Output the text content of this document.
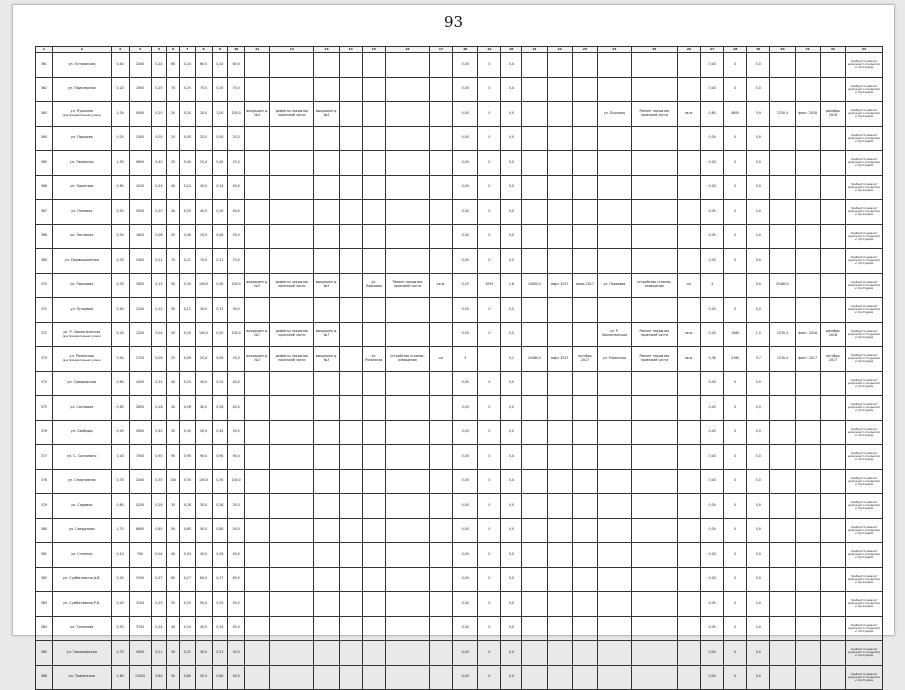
93
1	2	3	4	5	6	7	8	9	10	11	12	13	14	15	16	17	18	19	20	21	22	23	24	25	26	27	28	29	30	31	32	33
361	ул. Островская	0,40	2400	0,24	60	0,24	60,0	0,24	60,0								0,00	0	0,0							0,00	0	0,0				требуется ремонт дорожного покрытия и тротуаров
362	ул. Приозерная	0,20	1900	0,25	70	0,25	70,0	0,25	70,0								0,00	0	0,0							0,00	0	0,0				требуется ремонт дорожного покрытия и тротуаров
363	ул. Пушкина
(внутриквартальная улица)	1,00	4000	0,20	20	0,20	20,0	1,00	100,0	выкрашен д.№4	дефекты покрытия проезжей части	выкрашен д.№4					0,00	0	0,0				ул. Пушкина	Ремонт покрытия проезжей части	кв.м.	0,80	4800	3,9	1230,4	факт. 2018	декабрь 2018	требуется ремонт дорожного покрытия и тротуаров
364	ул. Пырьева	0,20	2400	0,05	25	0,05	25,0	0,05	25,0								0,00	0	0,0							0,00	0	0,0				требуется ремонт дорожного покрытия и тротуаров
365	ул. Пермская	1,50	9600	0,40	25	0,40	25,0	0,40	25,0								0,00	0	0,0							0,00	0	0,0				требуется ремонт дорожного покрытия и тротуаров
366	ул. Пирогова	0,60	4200	0,24	40	0,24	40,0	0,24	40,0								0,00	0	0,0							0,00	0	0,0				требуется ремонт дорожного покрытия и тротуаров
367	ул. Полевая	0,50	3000	0,20	40	0,20	40,0	0,20	40,0								0,00	0	0,0							0,00	0	0,0				требуется ремонт дорожного покрытия и тротуаров
368	ул. Песчаная	0,30	1800	0,06	20	0,06	20,0	0,06	20,0								0,00	0	0,0							0,00	0	0,0				требуется ремонт дорожного покрытия и тротуаров
369	ул. Промышленная	0,30	2400	0,21	70	0,21	70,0	0,21	70,0								0,00	0	0,0							0,00	0	0,0				требуется ремонт дорожного покрытия и тротуаров
370	ул. Парковая	0,30	2850	0,15	50	0,30	100,0	0,30	100,0	выкрашен д.№3	дефекты покрытия проезжей части	выкрашен д.№3		ул. Парковая	Ремонт покрытия проезжей части	кв.м.	0,25	1093	1,6	10000,0	март 2017	июнь 2017	ул. Парковая	устройство стоянок, освещения	шт	3		0,0	25480,0			требуется ремонт дорожного покрытия и тротуаров
371	ул. Ручьевая	0,40	2100	0,12	30	0,12	30,0	0,12	30,0								0,00	0	0,0							0,00	0	0,0				требуется ремонт дорожного покрытия и тротуаров
372	ул. Р. Зоологическая
(внутриквартальная улица)	0,20	1200	0,04	20	0,20	100,0	0,20	100,0	выкрашен д.№7	дефекты покрытия проезжей части	выкрашен д.№7					0,00	0	0,0				ул. Р. Зоологическая	Ремонт покрытия проезжей части	кв.м.	0,20	1080	1,5	1230,4	факт. 2018	декабрь 2018	требуется ремонт дорожного покрытия и тротуаров
373	ул. Рязанская
(внутриквартальная улица)	0,40	2720	0,09	25	0,09	25,0	0,09	25,0	выкрашен д.№3	дефекты покрытия проезжей части	выкрашен д.№3		ул. Рязанская	устройство стоянок, освещения	шт	3		0,1	20480,0	март 2017	октябрь 2017	ул. Рязанская	Ремонт покрытия проезжей части	кв.м.	0,36	2160	3,7	1230,4	факт. 2017	октябрь 2017	требуется ремонт дорожного покрытия и тротуаров
374	ул. Суворовская	0,60	4300	0,24	40	0,24	40,0	0,24	40,0								0,00	0	0,0							0,00	0	0,0				требуется ремонт дорожного покрытия и тротуаров
375	ул. Сосновая	0,65	2850	0,26	40	0,26	40,0	0,26	40,0								0,00	0	0,0							0,00	0	0,0				требуется ремонт дорожного покрытия и тротуаров
376	ул. Свободы	0,90	4900	0,45	50	0,45	50,0	0,45	50,0								0,00	0	0,0							0,00	0	0,0				требуется ремонт дорожного покрытия и тротуаров
377	ул. С. Соснового	1,00	7000	0,90	90	0,90	90,0	0,90	90,0								0,00	0	0,0							0,00	0	0,0				требуется ремонт дорожного покрытия и тротуаров
378	ул. Спортивная	0,35	2400	0,35	100	0,35	100,0	0,35	100,0								0,00	0	0,0							0,00	0	0,0				требуется ремонт дорожного покрытия и тротуаров
379	ул. Садовая	0,80	4200	0,28	35	0,28	35,0	0,28	35,0								0,00	0	0,0							0,00	0	0,0				требуется ремонт дорожного покрытия и тротуаров
380	ул. Свердлова	1,70	8600	0,85	50	0,85	50,0	0,85	50,0								0,00	0	0,0							0,00	0	0,0				требуется ремонт дорожного покрытия и тротуаров
381	ул. Степная	0,10	700	0,04	40	0,04	40,0	0,04	40,0								0,00	0	0,0							0,00	0	0,0				требуется ремонт дорожного покрытия и тротуаров
382	ул. Сумбатовича А.В.	0,45	3100	0,27	60	0,27	60,0	0,27	60,0								0,00	0	0,0							0,00	0	0,0				требуется ремонт дорожного покрытия и тротуаров
383	ул. Сумбатовича Р.Б.	0,45	3100	0,25	55	0,25	55,0	0,25	55,0								0,00	0	0,0							0,00	0	0,0				требуется ремонт дорожного покрытия и тротуаров
384	ул. Тополева	0,55	3700	0,24	45	0,24	45,0	0,24	45,0								0,00	0	0,0							0,00	0	0,0				требуется ремонт дорожного покрытия и тротуаров
385	ул. Томашевская	0,70	4900	0,21	30	0,21	30,0	0,21	30,0								0,00	0	0,0							0,00	0	0,0				требуется ремонт дорожного покрытия и тротуаров
386	ул. Тюменская	1,60	11000	0,80	50	0,80	50,0	0,80	50,0								0,00	0	0,0							0,00	0	0,0				требуется ремонт дорожного покрытия и тротуаров
